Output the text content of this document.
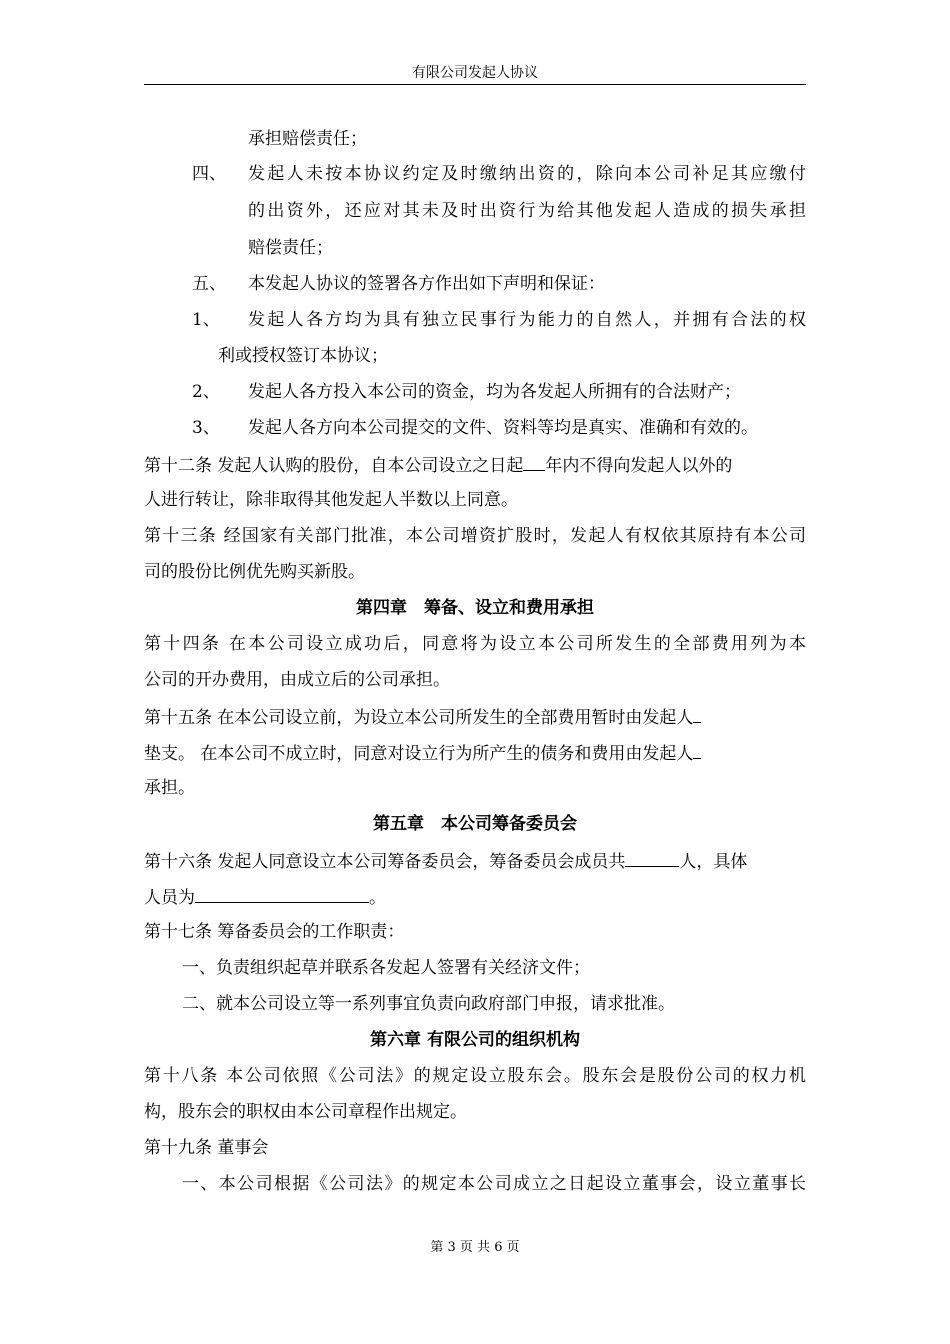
有限公司发起人协议
承担赔偿责任；
四、 发起人未按本协议约定及时缴纳出资的，除向本公司补足其应缴付
的出资外，还应对其未及时出资行为给其他发起人造成的损失承担
赔偿责任；
五、 本发起人协议的签署各方作出如下声明和保证：
1、 发起人各方均为具有独立民事行为能力的自然人，并拥有合法的权
利或授权签订本协议；
2、 发起人各方投入本公司的资金，均为各发起人所拥有的合法财产；
3、 发起人各方向本公司提交的文件、资料等均是真实、准确和有效的。
第十二条 发起人认购的股份，自本公司设立之日起 年内不得向发起人以外的
人进行转让，除非取得其他发起人半数以上同意。
第十三条 经国家有关部门批准，本公司增资扩股时，发起人有权依其原持有本公司
司的股份比例优先购买新股。
第四章　筹备、设立和费用承担
第十四条 在本公司设立成功后，同意将为设立本公司所发生的全部费用列为本
公司的开办费用，由成立后的公司承担。
第十五条 在本公司设立前，为设立本公司所发生的全部费用暂时由发起人
垫支。 在本公司不成立时，同意对设立行为所产生的债务和费用由发起人
承担。
第五章　本公司筹备委员会
第十六条 发起人同意设立本公司筹备委员会，筹备委员会成员共	人，具体
人员为	。
第十七条 筹备委员会的工作职责：
一、负责组织起草并联系各发起人签署有关经济文件；
二、就本公司设立等一系列事宜负责向政府部门申报，请求批准。
第六章 有限公司的组织机构
第十八条 本公司依照《公司法》的规定设立股东会。股东会是股份公司的权力机
构，股东会的职权由本公司章程作出规定。
第十九条 董事会
一、本公司根据《公司法》的规定本公司成立之日起设立董事会，设立董事长
第 3 页 共 6 页
